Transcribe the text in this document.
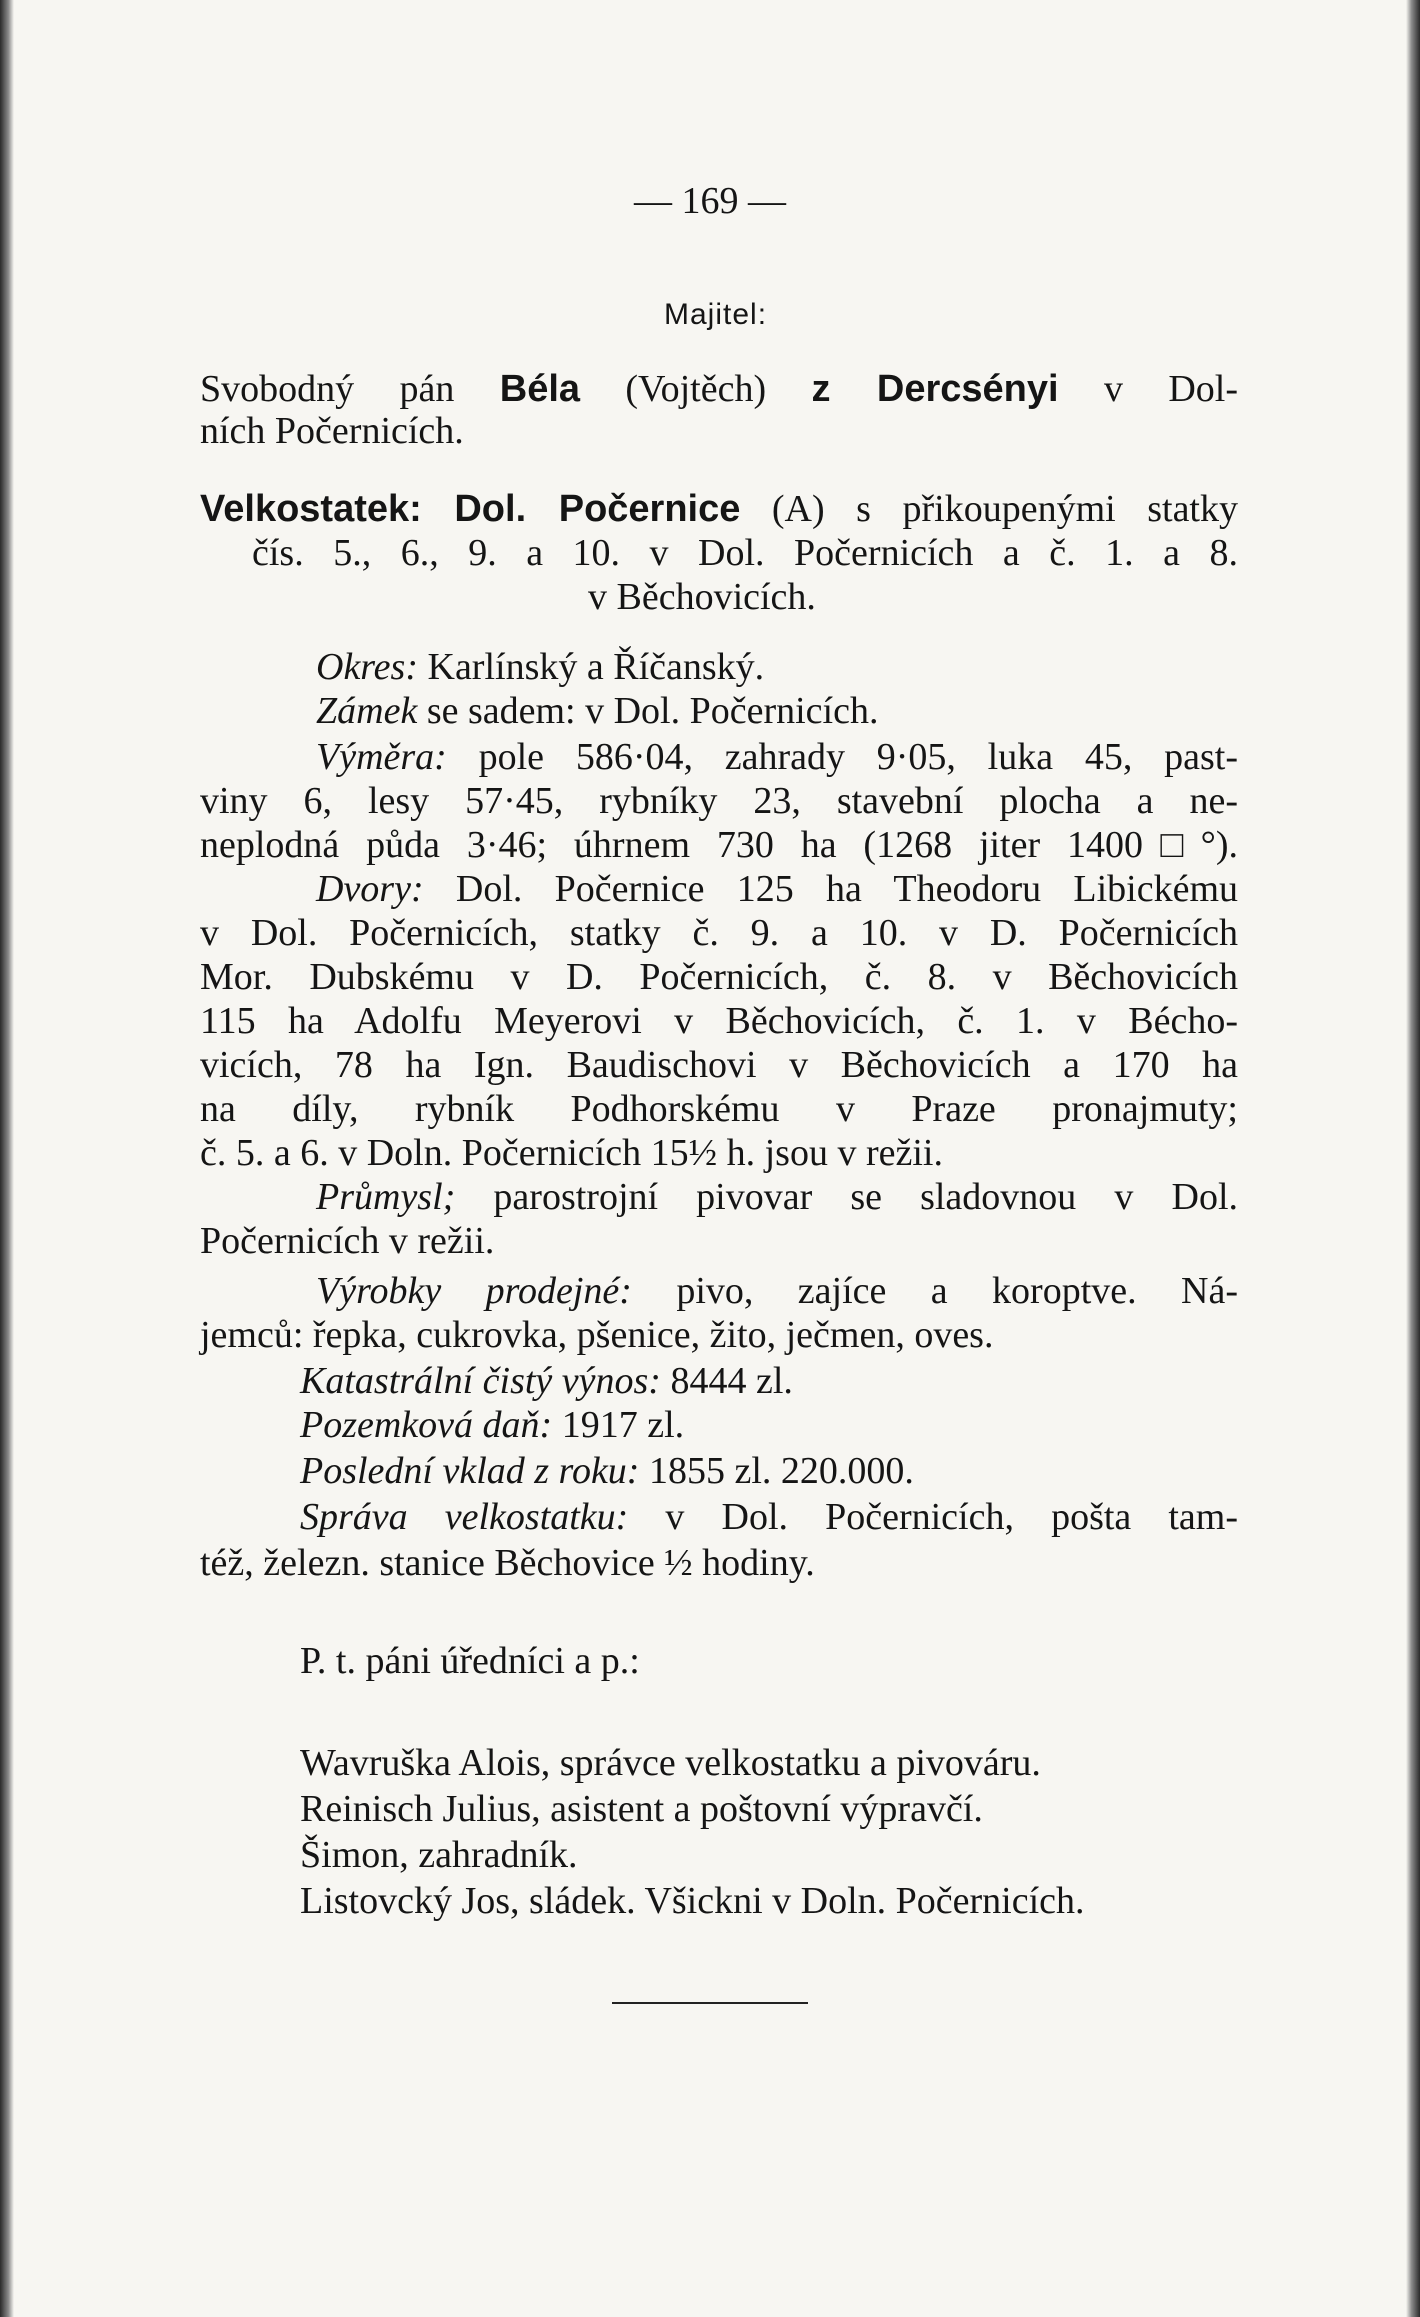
— 169 —
Majitel:
Svobodný pán Béla (Vojtěch) z Dercsényi v Dol-
ních Počernicích.
Velkostatek: Dol. Počernice (A) s přikoupenými statky
čís. 5., 6., 9. a 10. v Dol. Počernicích a č. 1. a 8.
v Běchovicích.
Okres: Karlínský a Říčanský.
Zámek se sadem: v Dol. Počernicích.
Výměra: pole 586·04, zahrady 9·05, luka 45, past-
viny 6, lesy 57·45, rybníky 23, stavební plocha a ne-
neplodná půda 3·46; úhrnem 730 ha (1268 jiter 1400□°).
Dvory: Dol. Počernice 125 ha Theodoru Libickému
v Dol. Počernicích, statky č. 9. a 10. v D. Počernicích
Mor. Dubskému v D. Počernicích, č. 8. v Běchovicích
115 ha Adolfu Meyerovi v Běchovicích, č. 1. v Bécho-
vicích, 78 ha Ign. Baudischovi v Běchovicích a 170 ha
na díly, rybník Podhorskému v Praze pronajmuty;
č. 5. a 6. v Doln. Počernicích 15½ h. jsou v režii.
Průmysl; parostrojní pivovar se sladovnou v Dol.
Počernicích v režii.
Výrobky prodejné: pivo, zajíce a koroptve. Ná-
jemců: řepka, cukrovka, pšenice, žito, ječmen, oves.
Katastrální čistý výnos: 8444 zl.
Pozemková daň: 1917 zl.
Poslední vklad z roku: 1855 zl. 220.000.
Správa velkostatku: v Dol. Počernicích, pošta tam-
též, železn. stanice Běchovice ½ hodiny.
P. t. páni úředníci a p.:
Wavruška Alois, správce velkostatku a pivováru.
Reinisch Julius, asistent a poštovní výpravčí.
Šimon, zahradník.
Listovcký Jos, sládek. Všickni v Doln. Počernicích.
